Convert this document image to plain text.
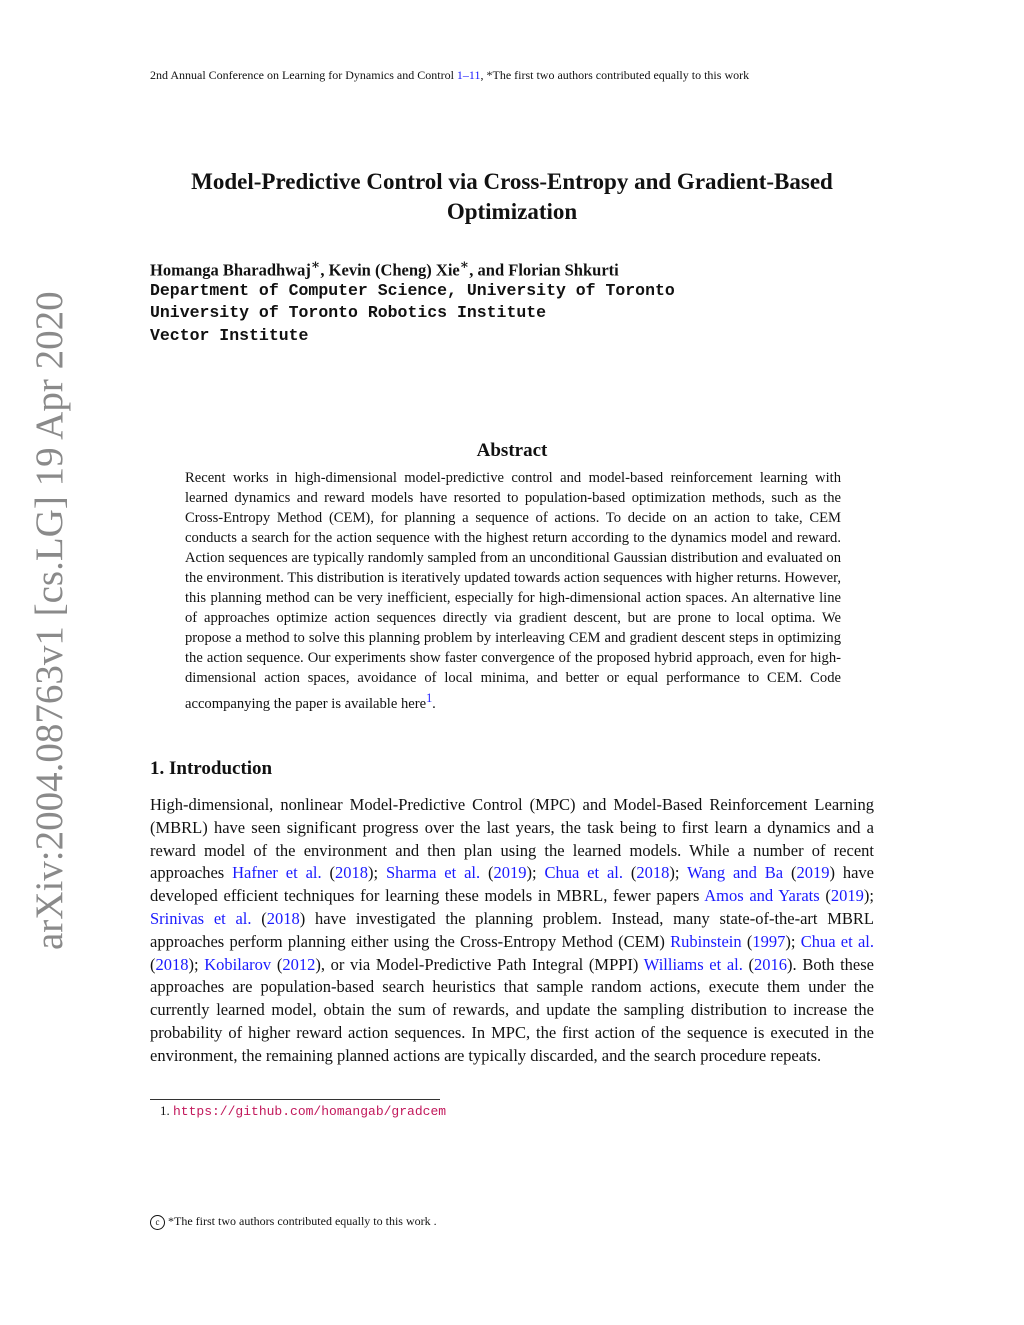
2nd Annual Conference on Learning for Dynamics and Control 1–11, *The first two authors contributed equally to this work
arXiv:2004.08763v1 [cs.LG] 19 Apr 2020
Model-Predictive Control via Cross-Entropy and Gradient-Based
Optimization
Homanga Bharadhwaj∗, Kevin (Cheng) Xie∗, and Florian Shkurti
Department of Computer Science, University of Toronto
University of Toronto Robotics Institute
Vector Institute
Abstract
Recent works in high-dimensional model-predictive control and model-based reinforcement learning with learned dynamics and reward models have resorted to population-based optimization methods, such as the Cross-Entropy Method (CEM), for planning a sequence of actions. To decide on an action to take, CEM conducts a search for the action sequence with the highest return according to the dynamics model and reward. Action sequences are typically randomly sampled from an unconditional Gaussian distribution and evaluated on the environment. This distribution is iteratively updated towards action sequences with higher returns. However, this planning method can be very inefficient, especially for high-dimensional action spaces. An alternative line of approaches optimize action sequences directly via gradient descent, but are prone to local optima. We propose a method to solve this planning problem by interleaving CEM and gradient descent steps in optimizing the action sequence. Our experiments show faster convergence of the proposed hybrid approach, even for high-dimensional action spaces, avoidance of local minima, and better or equal performance to CEM. Code accompanying the paper is available here$^1$.
1. Introduction
High-dimensional, nonlinear Model-Predictive Control (MPC) and Model-Based Reinforcement Learning (MBRL) have seen significant progress over the last years, the task being to first learn a dynamics and a reward model of the environment and then plan using the learned models. While a number of recent approaches Hafner et al. (2018); Sharma et al. (2019); Chua et al. (2018); Wang and Ba (2019) have developed efficient techniques for learning these models in MBRL, fewer papers Amos and Yarats (2019); Srinivas et al. (2018) have investigated the planning problem. Instead, many state-of-the-art MBRL approaches perform planning either using the Cross-Entropy Method (CEM) Rubinstein (1997); Chua et al. (2018); Kobilarov (2012), or via Model-Predictive Path Integral (MPPI) Williams et al. (2016). Both these approaches are population-based search heuristics that sample random actions, execute them under the currently learned model, obtain the sum of rewards, and update the sampling distribution to increase the probability of higher reward action sequences. In MPC, the first action of the sequence is executed in the environment, the remaining planned actions are typically discarded, and the search procedure repeats.
1. https://github.com/homangab/gradcem
c *The first two authors contributed equally to this work .
